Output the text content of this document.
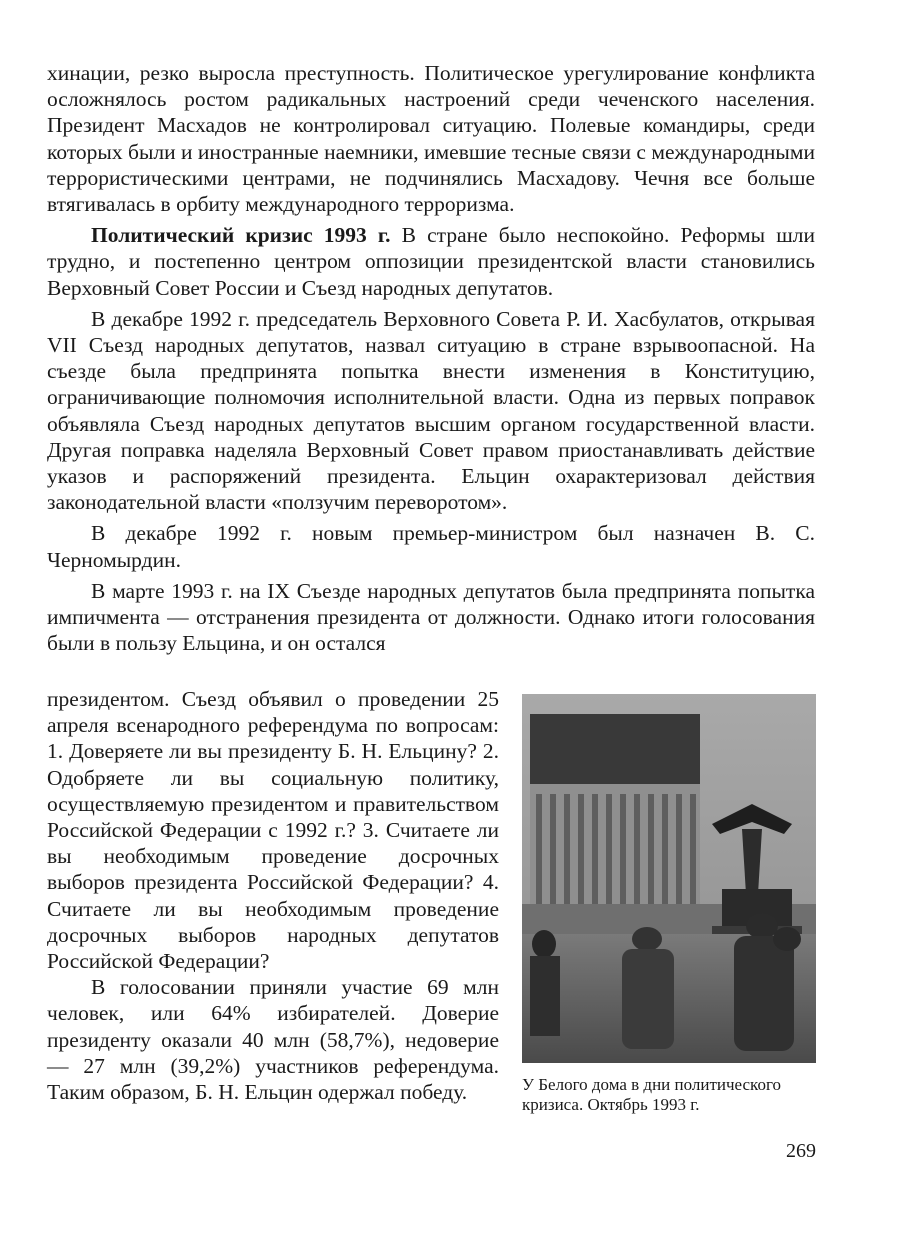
хинации, резко выросла преступность. Политическое урегулирование конфликта осложнялось ростом радикальных настроений среди чеченского населения. Президент Масхадов не контролировал ситуацию. Полевые командиры, среди которых были и иностранные наемники, имевшие тесные связи с международными террористическими центрами, не подчинялись Масхадову. Чечня все больше втягивалась в орбиту международного терроризма.

Политический кризис 1993 г. В стране было неспокойно. Реформы шли трудно, и постепенно центром оппозиции президентской власти становились Верховный Совет России и Съезд народных депутатов.

В декабре 1992 г. председатель Верховного Совета Р. И. Хасбулатов, открывая VII Съезд народных депутатов, назвал ситуацию в стране взрывоопасной. На съезде была предпринята попытка внести изменения в Конституцию, ограничивающие полномочия исполнительной власти. Одна из первых поправок объявляла Съезд народных депутатов высшим органом государственной власти. Другая поправка наделяла Верховный Совет правом приостанавливать действие указов и распоряжений президента. Ельцин охарактеризовал действия законодательной власти «ползучим переворотом».

В декабре 1992 г. новым премьер-министром был назначен В. С. Черномырдин.

В марте 1993 г. на IX Съезде народных депутатов была предпринята попытка импичмента — отстранения президента от должности. Однако итоги голосования были в пользу Ельцина, и он остался

президентом. Съезд объявил о проведении 25 апреля всенародного референдума по вопросам: 1. Доверяете ли вы президенту Б. Н. Ельцину? 2. Одобряете ли вы социальную политику, осуществляемую президентом и правительством Российской Федерации с 1992 г.? 3. Считаете ли вы необходимым проведение досрочных выборов президента Российской Федерации? 4. Считаете ли вы необходимым проведение досрочных выборов народных депутатов Российской Федерации?

В голосовании приняли участие 69 млн человек, или 64% избирателей. Доверие президенту оказали 40 млн (58,7%), недоверие — 27 млн (39,2%) участников референдума. Таким образом, Б. Н. Ельцин одержал победу.	У Белого дома в дни политического кризиса. Октябрь 1993 г.
269
